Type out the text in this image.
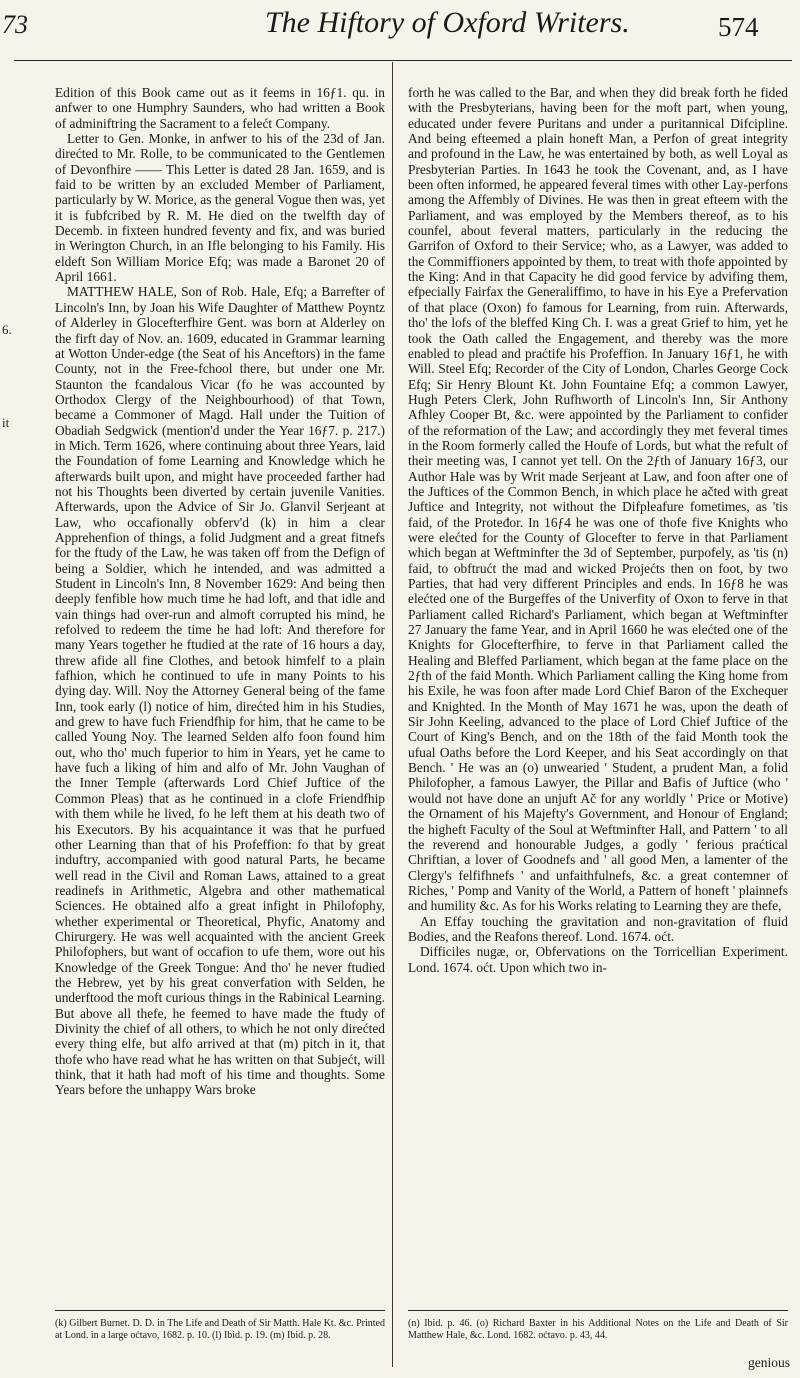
73	The Hiftory of Oxford Writers.	574
6.
it

Edition of this Book came out as it feems in 16ƒ1. qu. in anfwer to one Humphry Saunders, who had written a Book of adminiftring the Sacrament to a felećt Company.

Letter to Gen. Monke, in anfwer to his of the 23d of Jan. direćted to Mr. Rolle, to be communicated to the Gentlemen of Devonfhire —— This Letter is dated 28 Jan. 1659, and is faid to be written by an excluded Member of Parliament, particularly by W. Morice, as the general Vogue then was, yet it is fubfcribed by R. M. He died on the twelfth day of Decemb. in fixteen hundred feventy and fix, and was buried in Werington Church, in an Ifle belonging to his Family. His eldeft Son William Morice Efq; was made a Baronet 20 of April 1661.

MATTHEW HALE, Son of Rob. Hale, Efq; a Barrefter of Lincoln's Inn, by Joan his Wife Daughter of Matthew Poyntz of Alderley in Glocefterfhire Gent. was born at Alderley on the firft day of Nov. an. 1609, educated in Grammar learning at Wotton Under-edge (the Seat of his Anceftors) in the fame County, not in the Free-fchool there, but under one Mr. Staunton the fcandalous Vicar (fo he was accounted by Orthodox Clergy of the Neighbourhood) of that Town, became a Commoner of Magd. Hall under the Tuition of Obadiah Sedgwick (mention'd under the Year 16ƒ7. p. 217.) in Mich. Term 1626, where continuing about three Years, laid the Foundation of fome Learning and Knowledge which he afterwards built upon, and might have proceeded farther had not his Thoughts been diverted by certain juvenile Vanities. Afterwards, upon the Advice of Sir Jo. Glanvil Serjeant at Law, who occafionally obferv'd (k) in him a clear Apprehenfion of things, a folid Judgment and a great fitnefs for the ftudy of the Law, he was taken off from the Defign of being a Soldier, which he intended, and was admitted a Student in Lincoln's Inn, 8 November 1629: And being then deeply fenfible how much time he had loft, and that idle and vain things had over-run and almoft corrupted his mind, he refolved to redeem the time he had loft: And therefore for many Years together he ftudied at the rate of 16 hours a day, threw afide all fine Clothes, and betook himfelf to a plain fafhion, which he continued to ufe in many Points to his dying day. Will. Noy the Attorney General being of the fame Inn, took early (l) notice of him, direćted him in his Studies, and grew to have fuch Friendfhip for him, that he came to be called Young Noy. The learned Selden alfo foon found him out, who tho' much fuperior to him in Years, yet he came to have fuch a liking of him and alfo of Mr. John Vaughan of the Inner Temple (afterwards Lord Chief Juftice of the Common Pleas) that as he continued in a clofe Friendfhip with them while he lived, fo he left them at his death two of his Executors. By his acquaintance it was that he purfued other Learning than that of his Profeffion: fo that by great induftry, accompanied with good natural Parts, he became well read in the Civil and Roman Laws, attained to a great readinefs in Arithmetic, Algebra and other mathematical Sciences. He obtained alfo a great infight in Philofophy, whether experimental or Theoretical, Phyfic, Anatomy and Chirurgery. He was well acquainted with the ancient Greek Philofophers, but want of occafion to ufe them, wore out his Knowledge of the Greek Tongue: And tho' he never ftudied the Hebrew, yet by his great converfation with Selden, he underftood the moft curious things in the Rabinical Learning. But above all thefe, he feemed to have made the ftudy of Divinity the chief of all others, to which he not only direćted every thing elfe, but alfo arrived at that (m) pitch in it, that thofe who have read what he has written on that Subjećt, will think, that it hath had moft of his time and thoughts. Some Years before the unhappy Wars broke

forth he was called to the Bar, and when they did break forth he fided with the Presbyterians, having been for the moft part, when young, educated under fevere Puritans and under a puritannical Difcipline. And being efteemed a plain honeft Man, a Perfon of great integrity and profound in the Law, he was entertained by both, as well Loyal as Presbyterian Parties. In 1643 he took the Covenant, and, as I have been often informed, he appeared feveral times with other Lay-perfons among the Affembly of Divines. He was then in great efteem with the Parliament, and was employed by the Members thereof, as to his counfel, about feveral matters, particularly in the reducing the Garrifon of Oxford to their Service; who, as a Lawyer, was added to the Commiffioners appointed by them, to treat with thofe appointed by the King: And in that Capacity he did good fervice by advifing them, efpecially Fairfax the Generaliffimo, to have in his Eye a Prefervation of that place (Oxon) fo famous for Learning, from ruin. Afterwards, tho' the lofs of the bleffed King Ch. I. was a great Grief to him, yet he took the Oath called the Engagement, and thereby was the more enabled to plead and praćtife his Profeffion. In January 16ƒ1, he with Will. Steel Efq; Recorder of the City of London, Charles George Cock Efq; Sir Henry Blount Kt. John Fountaine Efq; a common Lawyer, Hugh Peters Clerk, John Rufhworth of Lincoln's Inn, Sir Anthony Afhley Cooper Bt, &c. were appointed by the Parliament to confider of the reformation of the Law; and accordingly they met feveral times in the Room formerly called the Houfe of Lords, but what the refult of their meeting was, I cannot yet tell. On the 2ƒth of January 16ƒ3, our Author Hale was by Writ made Serjeant at Law, and foon after one of the Juftices of the Common Bench, in which place he ačted with great Juftice and Integrity, not without the Difpleafure fometimes, as 'tis faid, of the Proteđor. In 16ƒ4 he was one of thofe five Knights who were elećted for the County of Glocefter to ferve in that Parliament which began at Weftminfter the 3d of September, purpofely, as 'tis (n) faid, to obftrućt the mad and wicked Projećts then on foot, by two Parties, that had very different Principles and ends. In 16ƒ8 he was elećted one of the Burgeffes of the Univerfity of Oxon to ferve in that Parliament called Richard's Parliament, which began at Weftminfter 27 January the fame Year, and in April 1660 he was elećted one of the Knights for Glocefterfhire, to ferve in that Parliament called the Healing and Bleffed Parliament, which began at the fame place on the 2ƒth of the faid Month. Which Parliament calling the King home from his Exile, he was foon after made Lord Chief Baron of the Exchequer and Knighted. In the Month of May 1671 he was, upon the death of Sir John Keeling, advanced to the place of Lord Chief Juftice of the Court of King's Bench, and on the 18th of the faid Month took the ufual Oaths before the Lord Keeper, and his Seat accordingly on that Bench. ' He was an (o) unwearied ' Student, a prudent Man, a folid Philofopher, a famous Lawyer, the Pillar and Bafis of Juftice (who ' would not have done an unjuft Ač for any worldly ' Price or Motive) the Ornament of his Majefty's Government, and Honour of England; the higheft Faculty of the Soul at Weftminfter Hall, and Pattern ' to all the reverend and honourable Judges, a godly ' ferious praćtical Chriftian, a lover of Goodnefs and ' all good Men, a lamenter of the Clergy's felfifhnefs ' and unfaithfulnefs, &c. a great contemner of Riches, ' Pomp and Vanity of the World, a Pattern of honeft ' plainnefs and humility &c. As for his Works relating to Learning they are thefe,

An Effay touching the gravitation and non-gravitation of fluid Bodies, and the Reafons thereof. Lond. 1674. oćt.

Difficiles nugæ, or, Obfervations on the Torricellian Experiment. Lond. 1674. oćt. Upon which two in-

(k) Gilbert Burnet. D. D. in The Life and Death of Sir Matth. Hale Kt. &c. Printed at Lond. in a large oćtavo, 1682. p. 10. (l) Ibid. p. 19. (m) Ibid. p. 28.
(n) Ibid. p. 46. (o) Richard Baxter in his Additional Notes on the Life and Death of Sir Matthew Hale, &c. Lond. 1682. oćtavo. p. 43, 44.
genious
